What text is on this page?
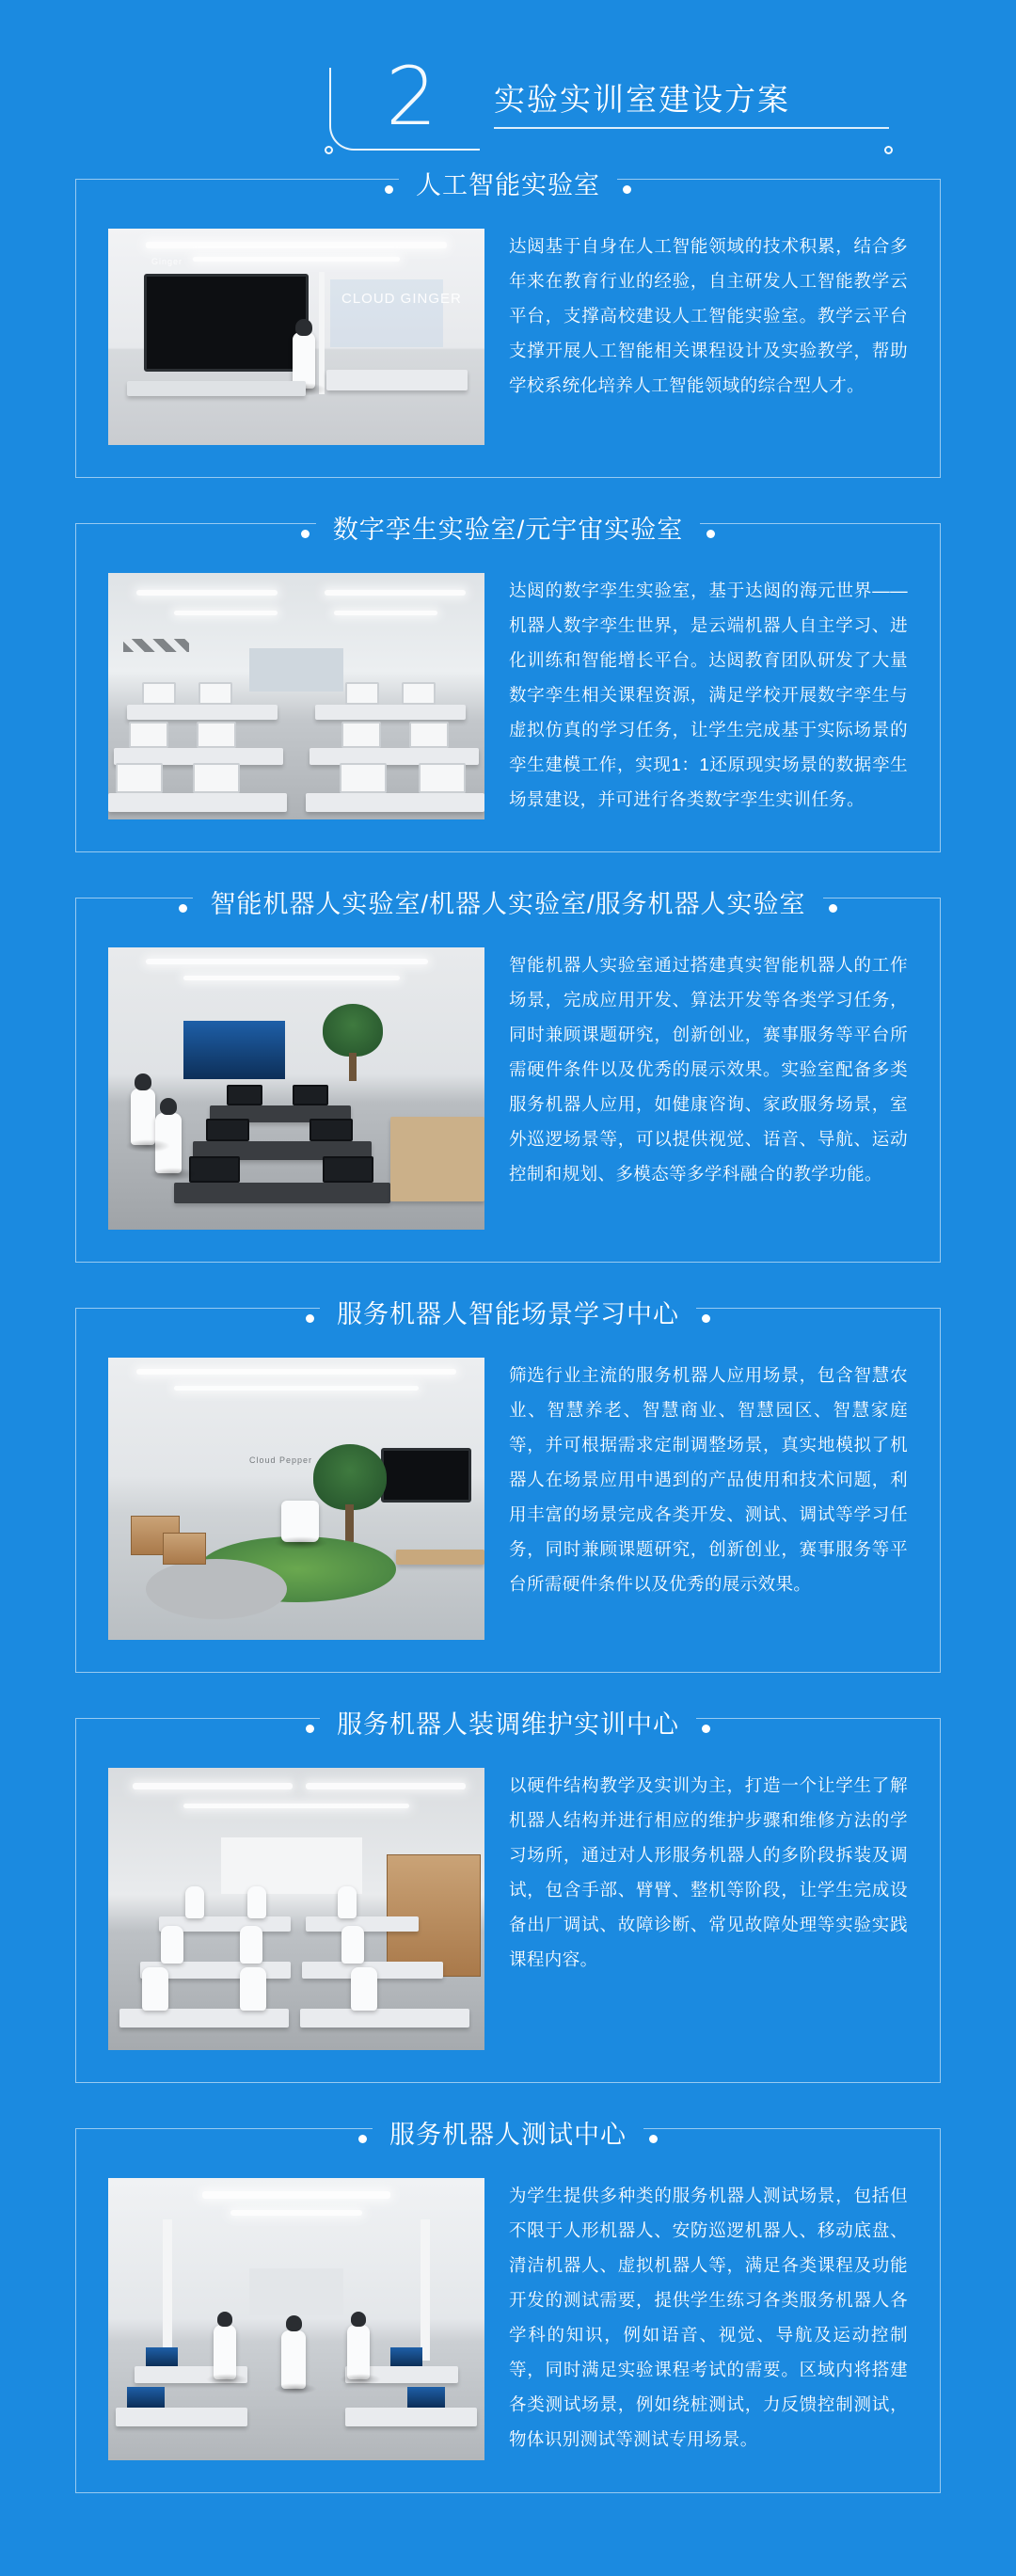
2 实验实训室建设方案
人工智能实验室
CLOUD GINGER
Ginger
达闼基于自身在人工智能领域的技术积累，结合多年来在教育行业的经验，自主研发人工智能教学云平台，支撑高校建设人工智能实验室。教学云平台支撑开展人工智能相关课程设计及实验教学，帮助学校系统化培养人工智能领域的综合型人才。
数字孪生实验室/元宇宙实验室
达闼的数字孪生实验室，基于达闼的海元世界——机器人数字孪生世界，是云端机器人自主学习、进化训练和智能增长平台。达闼教育团队研发了大量数字孪生相关课程资源，满足学校开展数字孪生与虚拟仿真的学习任务，让学生完成基于实际场景的孪生建模工作，实现1：1还原现实场景的数据孪生场景建设，并可进行各类数字孪生实训任务。
智能机器人实验室/机器人实验室/服务机器人实验室
智能机器人实验室通过搭建真实智能机器人的工作场景，完成应用开发、算法开发等各类学习任务，同时兼顾课题研究，创新创业，赛事服务等平台所需硬件条件以及优秀的展示效果。实验室配备多类服务机器人应用，如健康咨询、家政服务场景，室外巡逻场景等，可以提供视觉、语音、导航、运动控制和规划、多模态等多学科融合的教学功能。
服务机器人智能场景学习中心
Cloud Pepper
筛选行业主流的服务机器人应用场景，包含智慧农业、智慧养老、智慧商业、智慧园区、智慧家庭等，并可根据需求定制调整场景，真实地模拟了机器人在场景应用中遇到的产品使用和技术问题，利用丰富的场景完成各类开发、测试、调试等学习任务，同时兼顾课题研究，创新创业，赛事服务等平台所需硬件条件以及优秀的展示效果。
服务机器人装调维护实训中心
以硬件结构教学及实训为主，打造一个让学生了解机器人结构并进行相应的维护步骤和维修方法的学习场所，通过对人形服务机器人的多阶段拆装及调试，包含手部、臂臂、整机等阶段，让学生完成设备出厂调试、故障诊断、常见故障处理等实验实践课程内容。
服务机器人测试中心
为学生提供多种类的服务机器人测试场景，包括但不限于人形机器人、安防巡逻机器人、移动底盘、清洁机器人、虚拟机器人等，满足各类课程及功能开发的测试需要，提供学生练习各类服务机器人各学科的知识，例如语音、视觉、导航及运动控制等，同时满足实验课程考试的需要。区域内将搭建各类测试场景，例如绕桩测试，力反馈控制测试，物体识别测试等测试专用场景。
